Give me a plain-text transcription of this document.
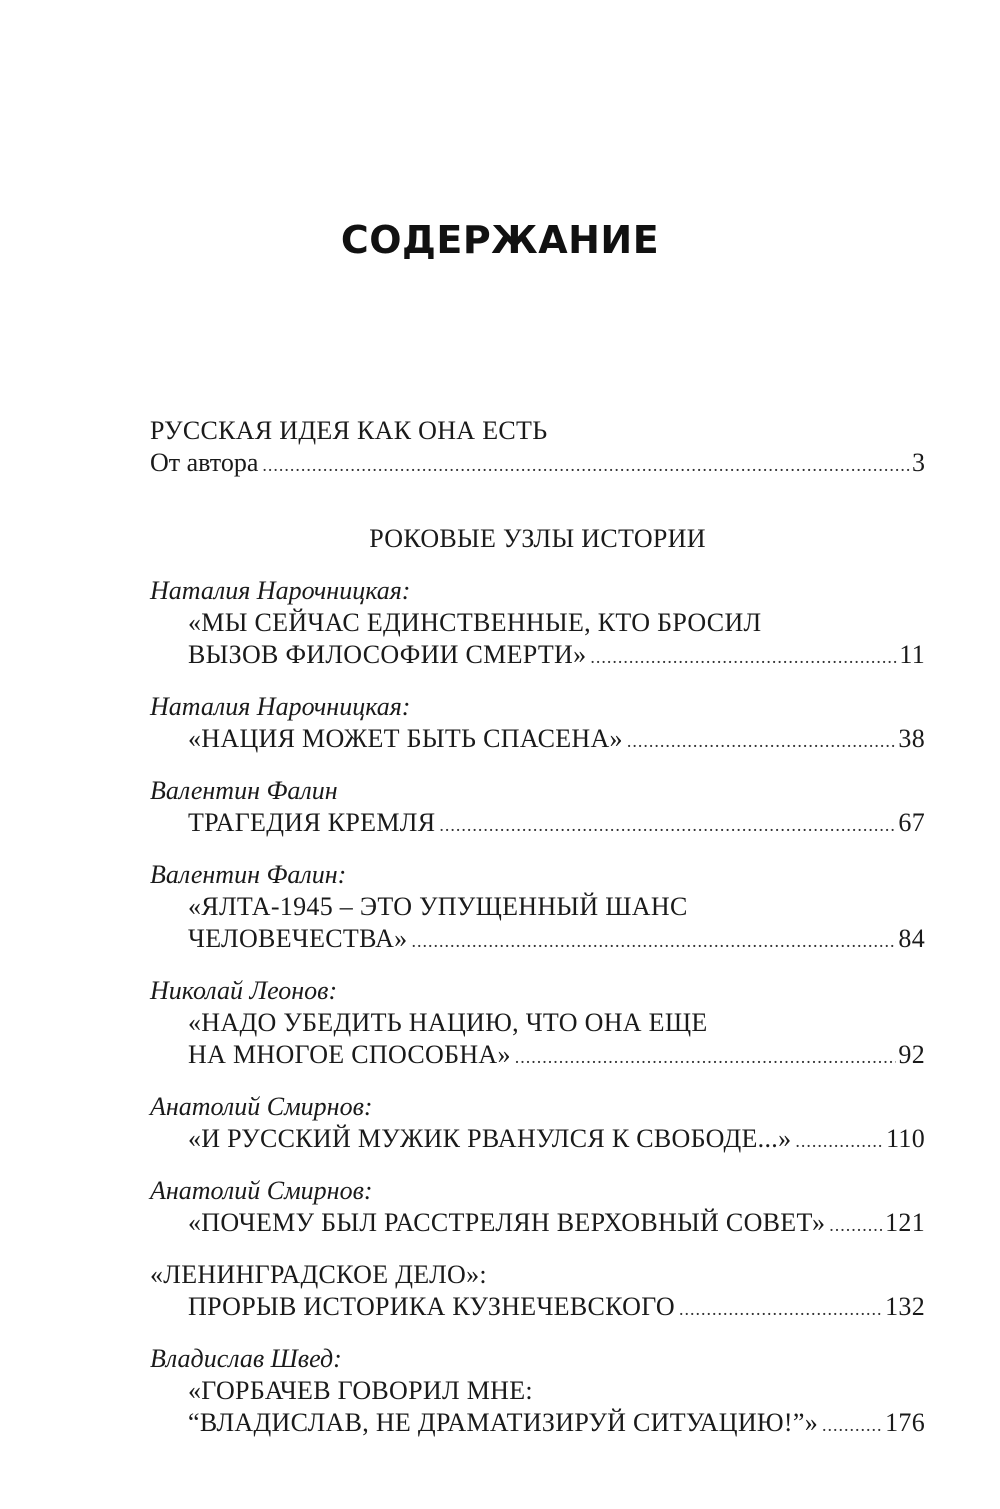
СОДЕРЖАНИЕ
РУССКАЯ ИДЕЯ КАК ОНА ЕСТЬ
От автора .....	3
РОКОВЫЕ УЗЛЫ ИСТОРИИ
Наталия Нарочницкая:
«МЫ СЕЙЧАС ЕДИНСТВЕННЫЕ, КТО БРОСИЛ
ВЫЗОВ ФИЛОСОФИИ СМЕРТИ» .....	11
Наталия Нарочницкая:
«НАЦИЯ МОЖЕТ БЫТЬ СПАСЕНА» .....	38
Валентин Фалин
ТРАГЕДИЯ КРЕМЛЯ .....	67
Валентин Фалин:
«ЯЛТА-1945 – ЭТО УПУЩЕННЫЙ ШАНС
ЧЕЛОВЕЧЕСТВА» .....	84
Николай Леонов:
«НАДО УБЕДИТЬ НАЦИЮ, ЧТО ОНА ЕЩЕ
НА МНОГОЕ СПОСОБНА» .....	92
Анатолий Смирнов:
«И РУССКИЙ МУЖИК РВАНУЛСЯ К СВОБОДЕ...» .....	110
Анатолий Смирнов:
«ПОЧЕМУ БЫЛ РАССТРЕЛЯН ВЕРХОВНЫЙ СОВЕТ» ..... 121
«ЛЕНИНГРАДСКОЕ ДЕЛО»:
ПРОРЫВ ИСТОРИКА КУЗНЕЧЕВСКОГО .....	132
Владислав Швед:
«ГОРБАЧЕВ ГОВОРИЛ МНЕ:
“ВЛАДИСЛАВ, НЕ ДРАМАТИЗИРУЙ СИТУАЦИЮ!”» .....	176
